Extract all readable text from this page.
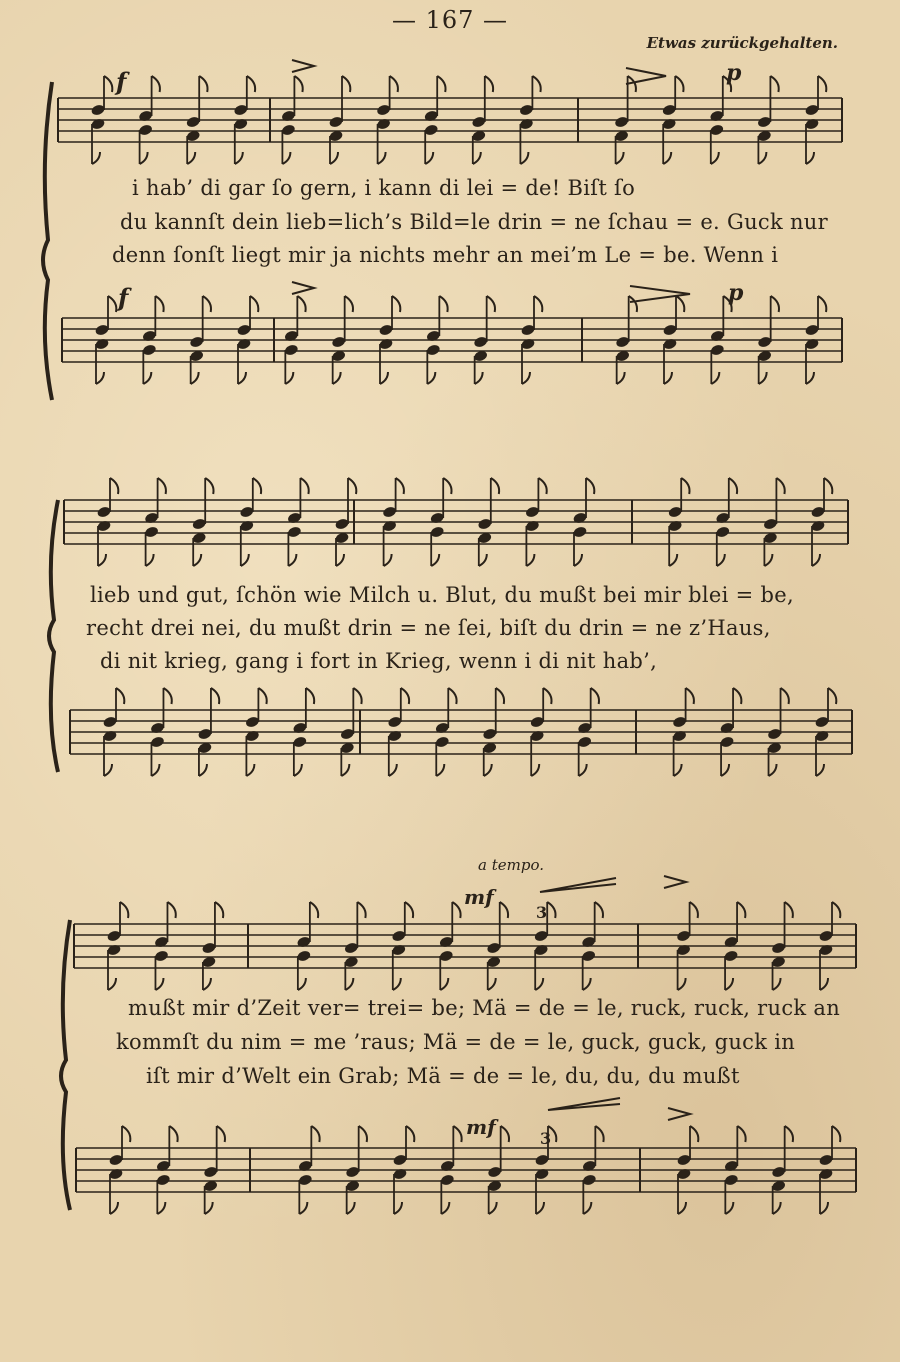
— 167 —
Etwas zurückgehalten.
a tempo.
i hab’ di gar ſo gern, i kann di lei = de! Biſt ſo
du kannſt dein lieb=lich’s Bild=le drin = ne ſchau = e. Guck nur
denn ſonſt liegt mir ja nichts mehr an mei’m Le = be. Wenn i
lieb und gut, ſchön wie Milch u. Blut, du mußt bei mir blei = be,
recht drei nei, du mußt drin = ne ſei, biſt du drin = ne z’Haus,
di nit krieg, gang i fort in Krieg, wenn i di nit hab’,
mußt mir d’Zeit ver= trei= be; Mä = de = le, ruck, ruck, ruck an
kommſt du nim = me ’raus; Mä = de = le, guck, guck, guck in
iſt mir d’Welt ein Grab; Mä = de = le, du, du, du mußt
f	p
f	p
mf
3
mf	3
